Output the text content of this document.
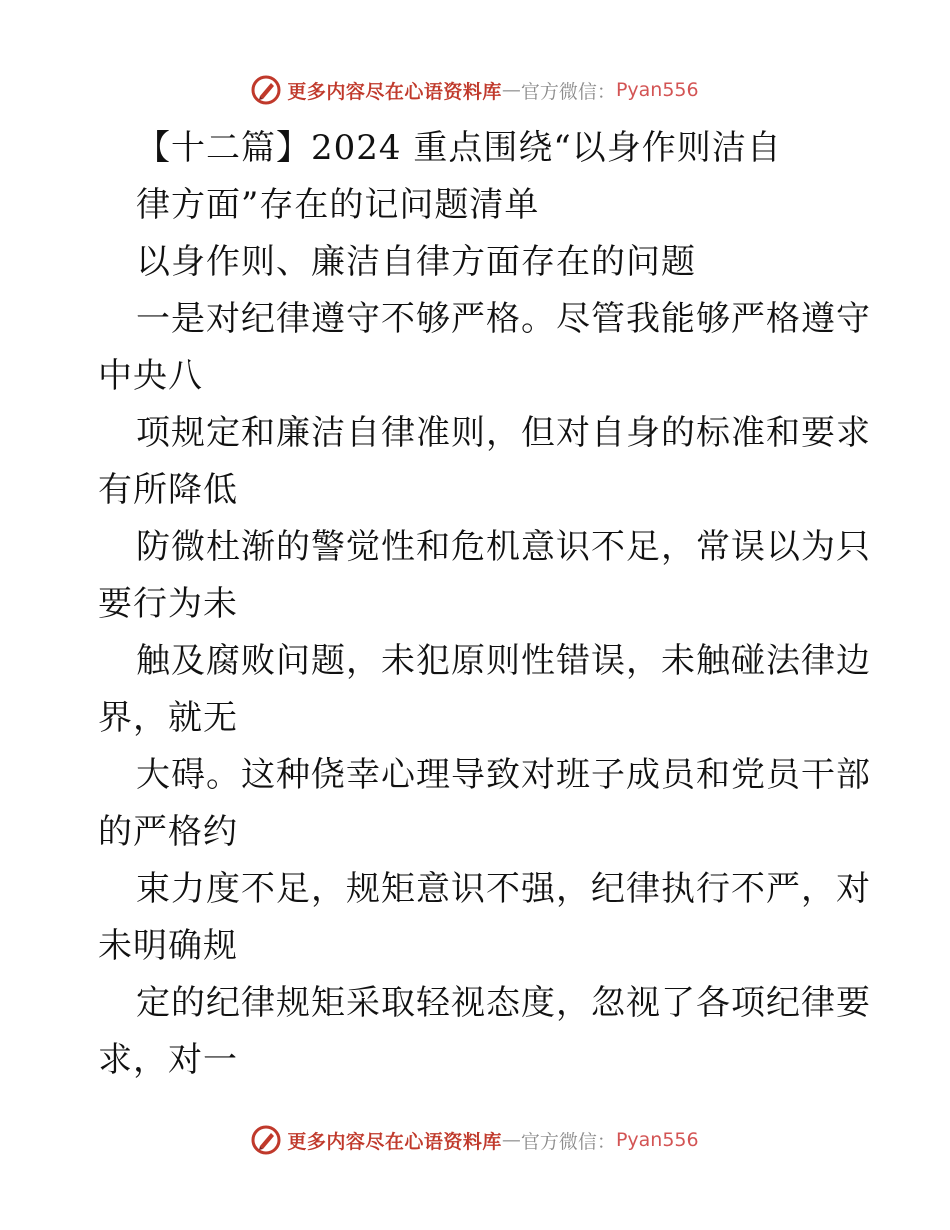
更多内容尽在心语资料库 — 官方微信： Pyan556
【十二篇】2024 重点围绕“以身作则洁自
律方面”存在的记问题清单
以身作则、廉洁自律方面存在的问题
一是对纪律遵守不够严格。尽管我能够严格遵守
中央八
项规定和廉洁自律准则，但对自身的标准和要求
有所降低
防微杜渐的警觉性和危机意识不足，常误以为只
要行为未
触及腐败问题，未犯原则性错误，未触碰法律边
界，就无
大碍。这种侥幸心理导致对班子成员和党员干部
的严格约
束力度不足，规矩意识不强，纪律执行不严，对
未明确规
定的纪律规矩采取轻视态度，忽视了各项纪律要
求，对一
更多内容尽在心语资料库 — 官方微信： Pyan556
